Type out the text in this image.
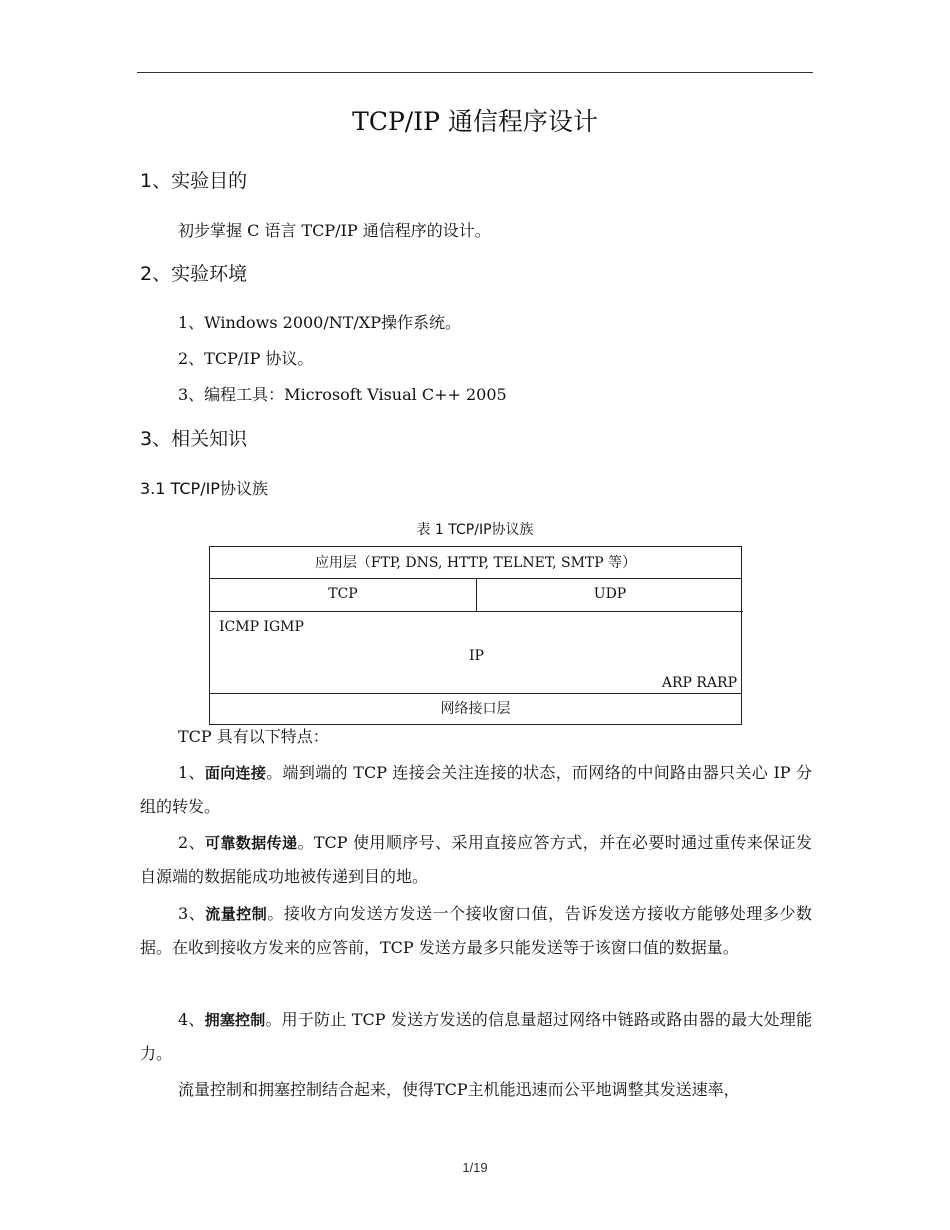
TCP/IP 通信程序设计
1、实验目的
初步掌握 C 语言 TCP/IP 通信程序的设计。
2、实验环境
1、Windows 2000/NT/XP操作系统。
2、TCP/IP 协议。
3、编程工具：Microsoft Visual C++ 2005
3、相关知识
3.1 TCP/IP协议族
表 1 TCP/IP协议族
应用层（FTP, DNS, HTTP, TELNET, SMTP 等）
TCP	UDP
ICMP IGMP
IP
ARP RARP
网络接口层
TCP 具有以下特点：
1、面向连接。端到端的 TCP 连接会关注连接的状态，而网络的中间路由器只关心 IP 分组的转发。
2、可靠数据传递。TCP 使用顺序号、采用直接应答方式，并在必要时通过重传来保证发自源端的数据能成功地被传递到目的地。
3、流量控制。接收方向发送方发送一个接收窗口值，告诉发送方接收方能够处理多少数据。在收到接收方发来的应答前，TCP 发送方最多只能发送等于该窗口值的数据量。
4、拥塞控制。用于防止 TCP 发送方发送的信息量超过网络中链路或路由器的最大处理能力。
流量控制和拥塞控制结合起来，使得TCP主机能迅速而公平地调整其发送速率，
1/19
